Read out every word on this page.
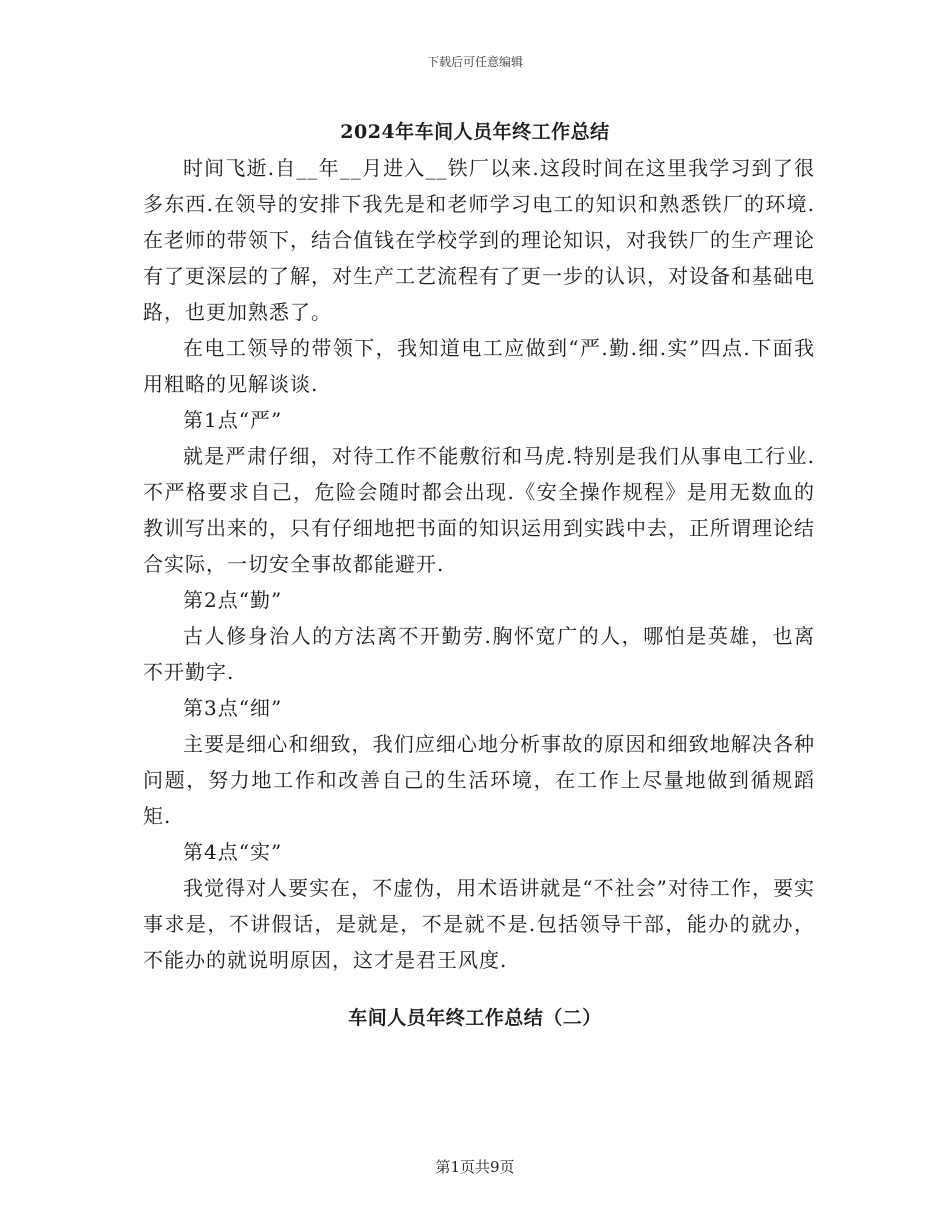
下载后可任意编辑
2024年车间人员年终工作总结

时间飞逝.自__年__月进入__铁厂以来.这段时间在这里我学习到了很多东西.在领导的安排下我先是和老师学习电工的知识和熟悉铁厂的环境.在老师的带领下，结合值钱在学校学到的理论知识，对我铁厂的生产理论有了更深层的了解，对生产工艺流程有了更一步的认识，对设备和基础电路，也更加熟悉了。

在电工领导的带领下，我知道电工应做到“严.勤.细.实”四点.下面我用粗略的见解谈谈.

第1点“严”

就是严肃仔细，对待工作不能敷衍和马虎.特别是我们从事电工行业.不严格要求自己，危险会随时都会出现.《安全操作规程》是用无数血的教训写出来的，只有仔细地把书面的知识运用到实践中去，正所谓理论结合实际，一切安全事故都能避开.

第2点“勤”

古人修身治人的方法离不开勤劳.胸怀宽广的人，哪怕是英雄，也离不开勤字.

第3点“细”

主要是细心和细致，我们应细心地分析事故的原因和细致地解决各种问题，努力地工作和改善自己的生活环境，在工作上尽量地做到循规蹈矩.

第4点“实”

我觉得对人要实在，不虚伪，用术语讲就是“不社会”对待工作，要实事求是，不讲假话，是就是，不是就不是.包括领导干部，能办的就办，不能办的就说明原因，这才是君王风度.

车间人员年终工作总结（二）
第1页共9页
